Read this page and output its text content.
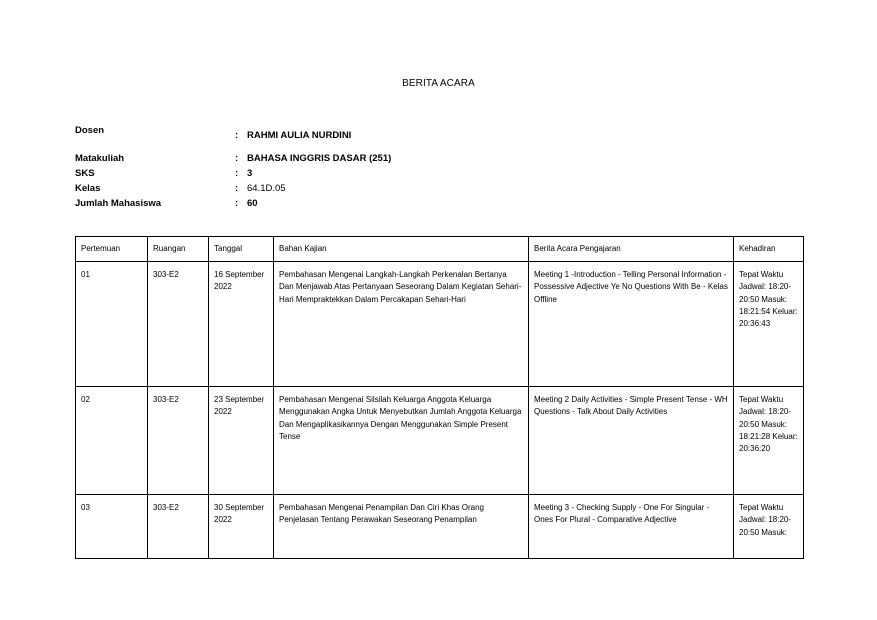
BERITA ACARA
Dosen	: RAHMI AULIA NURDINI
Matakuliah	: BAHASA INGGRIS DASAR (251)
SKS	: 3
Kelas	: 64.1D.05
Jumlah Mahasiswa	: 60
Pertemuan	Ruangan	Tanggal	Bahan Kajian	Berita Acara Pengajaran	Kehadiran
01	303-E2	16 September 2022	Pembahasan Mengenai Langkah-Langkah Perkenalan Bertanya Dan Menjawab Atas Pertanyaan Seseorang Dalam Kegiatan Sehari-Hari Mempraktekkan Dalam Percakapan Sehari-Hari	Meeting 1 -Introduction - Telling Personal Information - Possessive Adjective Ye No Questions With Be - Kelas Offline	Tepat Waktu Jadwal: 18:20-20:50 Masuk: 18:21:54 Keluar: 20:36:43
02	303-E2	23 September 2022	Pembahasan Mengenai Silsilah Keluarga Anggota Keluarga Menggunakan Angka Untuk Menyebutkan Jumlah Anggota Keluarga Dan Mengaplikasikannya Dengan Menggunakan Simple Present Tense	Meeting 2 Daily Activities - Simple Present Tense - WH Questions - Talk About Daily Activities	Tepat Waktu Jadwal: 18:20-20:50 Masuk: 18:21:28 Keluar: 20:36:20
03	303-E2	30 September 2022	Pembahasan Mengenai Penampilan Dan Ciri Khas Orang Penjelasan Tentang Perawakan Seseorang Penampilan	Meeting 3 - Checking Supply - One For Singular - Ones For Plural - Comparative Adjective	Tepat Waktu Jadwal: 18:20-20:50 Masuk:
